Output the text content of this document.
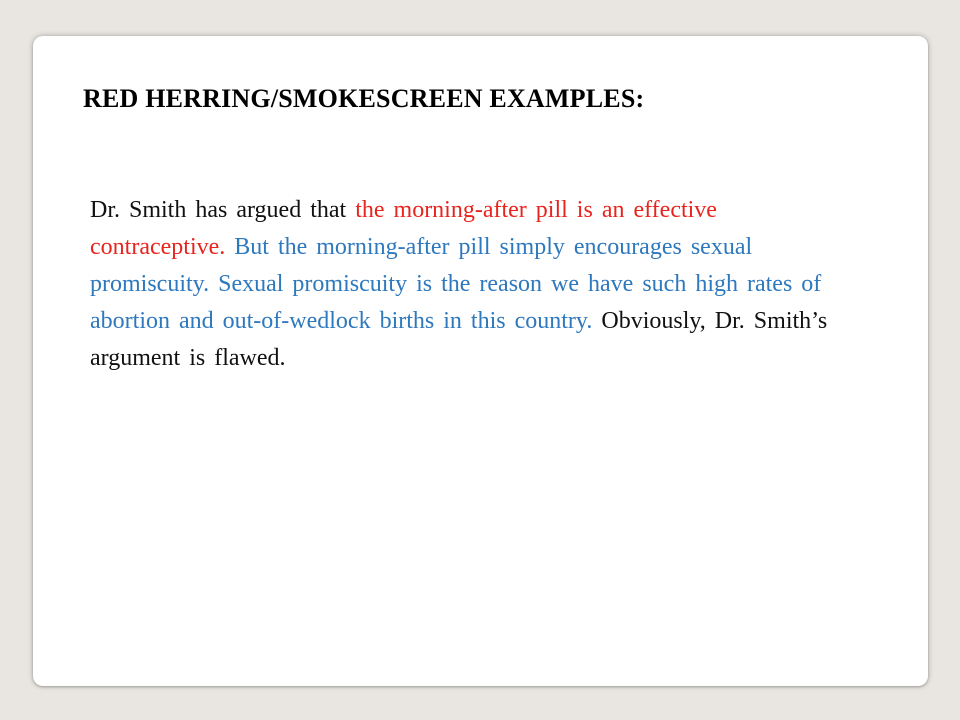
RED HERRING/SMOKESCREEN EXAMPLES:

Dr. Smith has argued that the morning-after pill is an effective contraceptive. But the morning-after pill simply encourages sexual promiscuity. Sexual promiscuity is the reason we have such high rates of abortion and out-of-wedlock births in this country. Obviously, Dr. Smith’s argument is flawed.
